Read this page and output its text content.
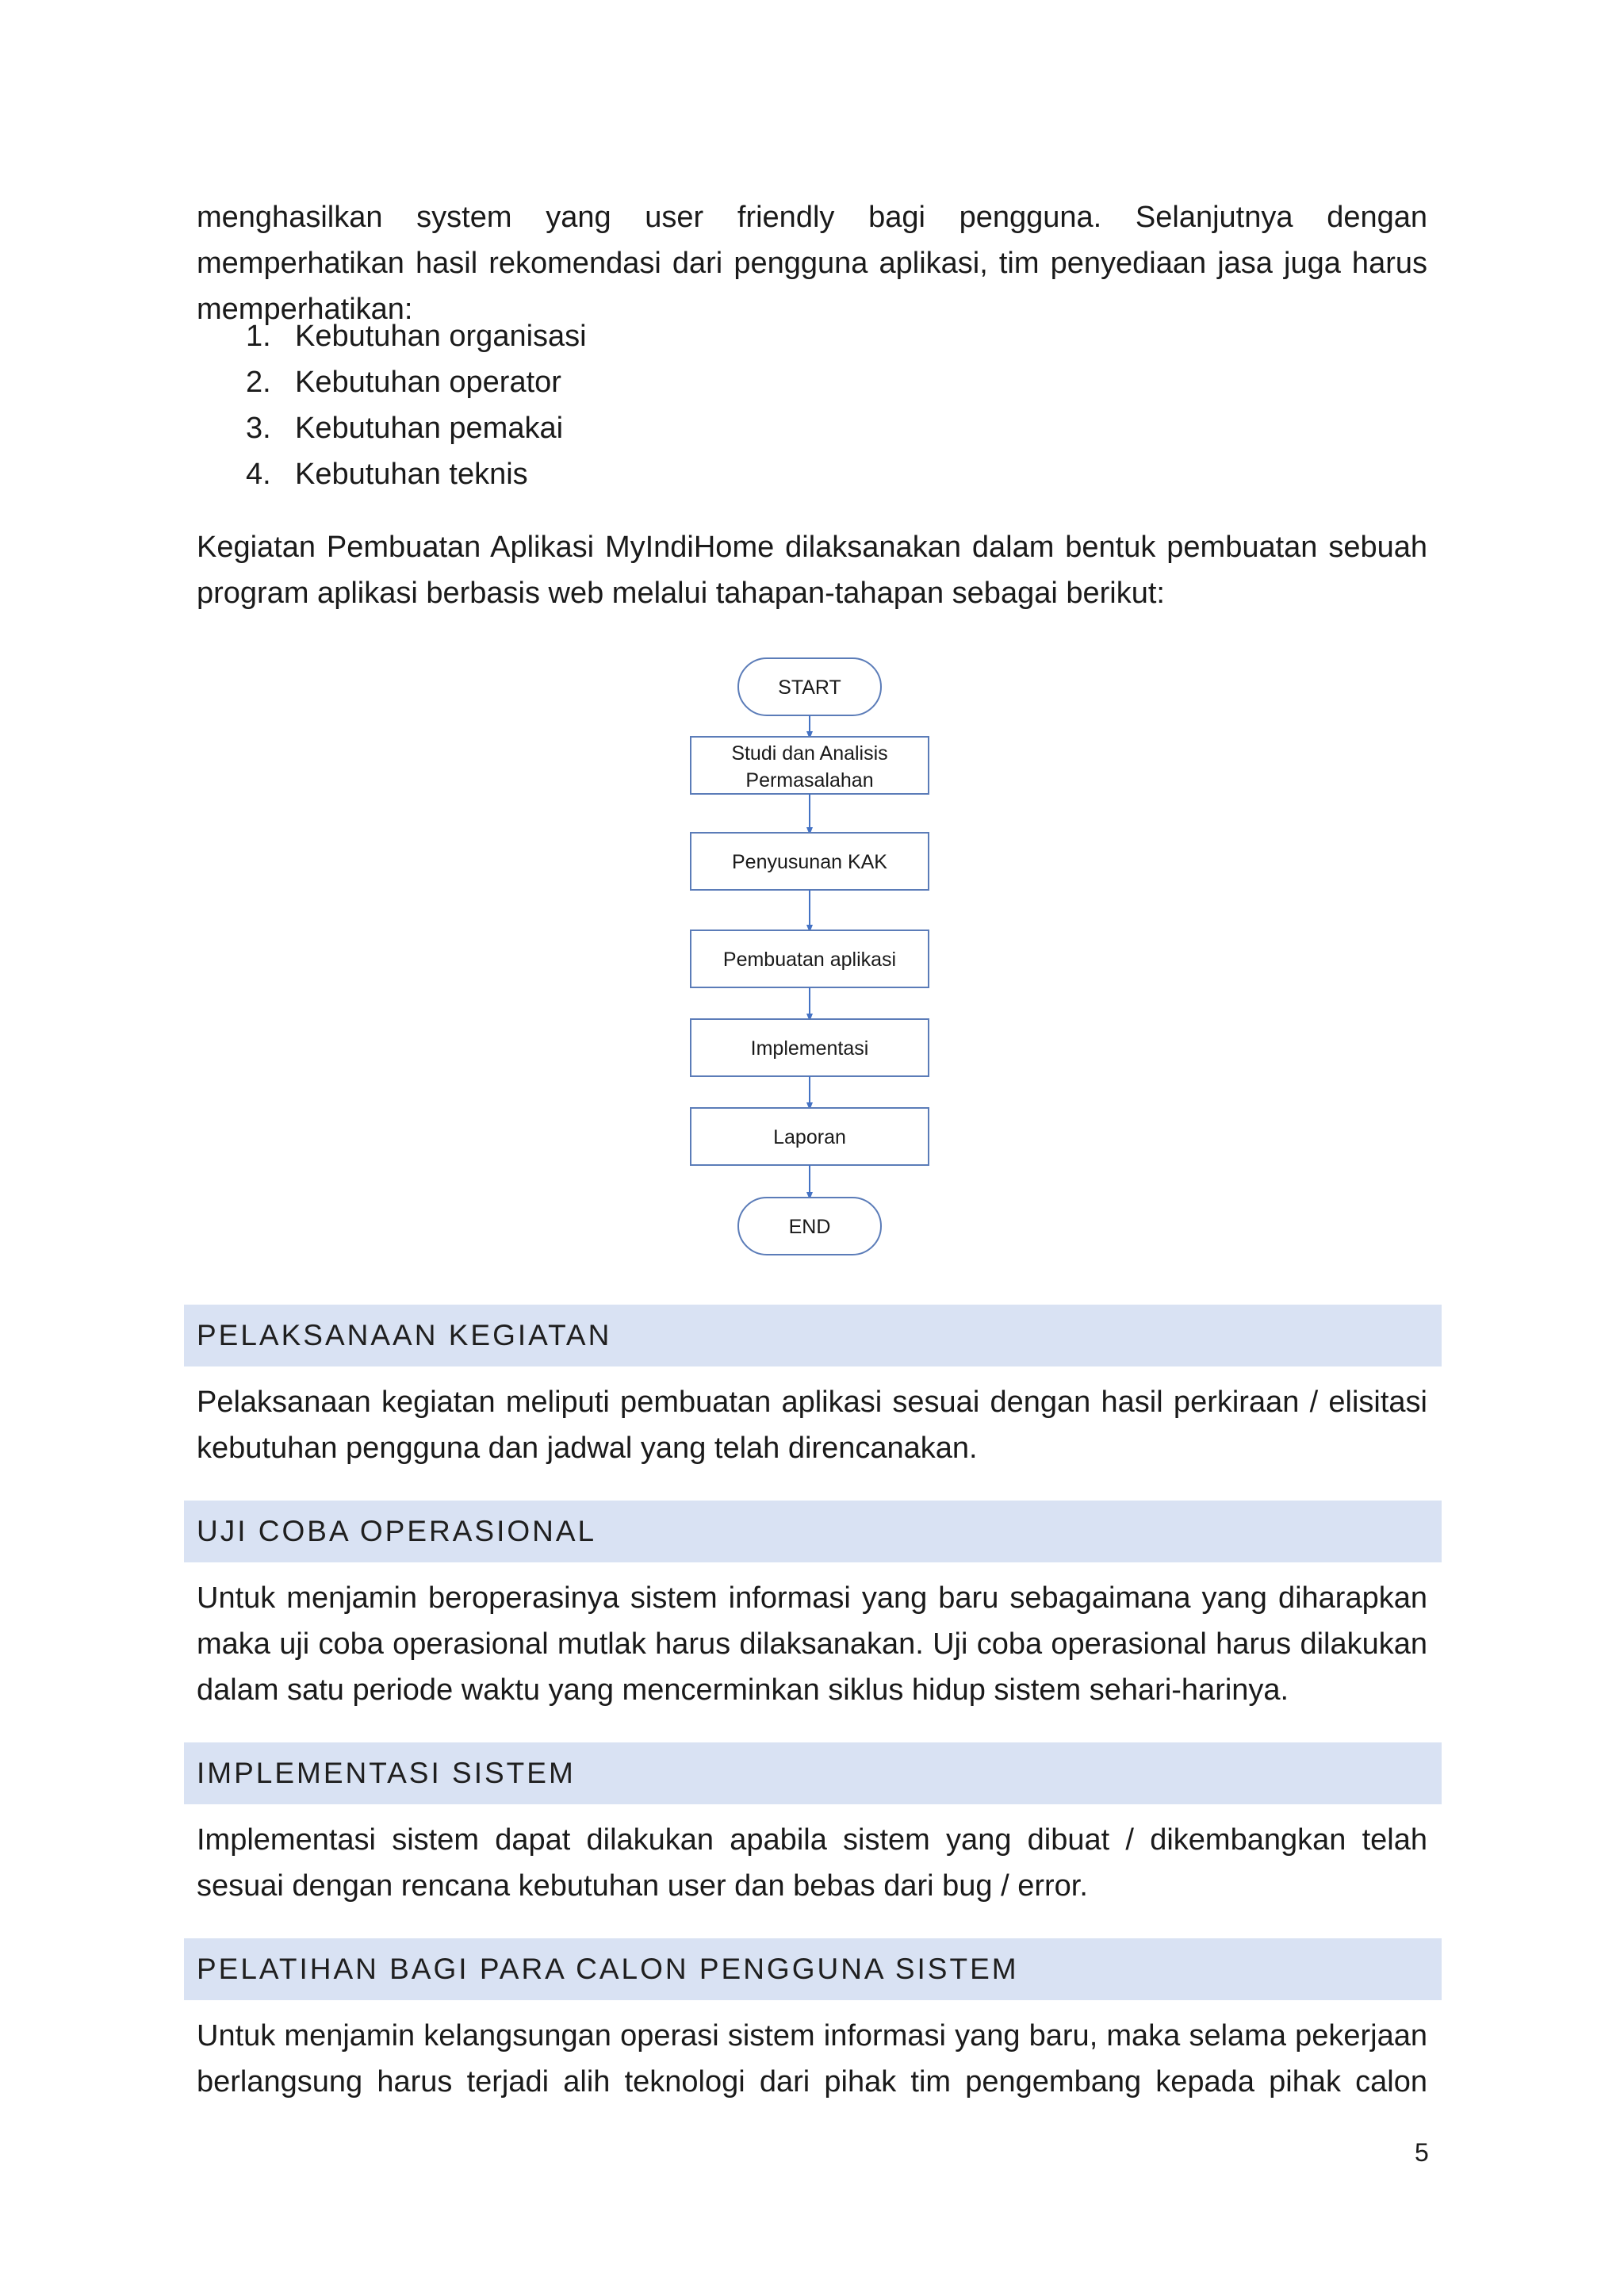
menghasilkan system yang user friendly bagi pengguna. Selanjutnya dengan memperhatikan hasil rekomendasi dari pengguna aplikasi, tim penyediaan jasa juga harus memperhatikan:

1. Kebutuhan organisasi
2. Kebutuhan operator
3. Kebutuhan pemakai
4. Kebutuhan teknis

Kegiatan Pembuatan Aplikasi MyIndiHome dilaksanakan dalam bentuk pembuatan sebuah program aplikasi berbasis web melalui tahapan-tahapan sebagai berikut:

START
Studi dan Analisis
Permasalahan
Penyusunan KAK
Pembuatan aplikasi
Implementasi
Laporan
END
PELAKSANAAN KEGIATAN

Pelaksanaan kegiatan meliputi pembuatan aplikasi sesuai dengan hasil perkiraan / elisitasi kebutuhan pengguna dan jadwal yang telah direncanakan.

UJI COBA OPERASIONAL

Untuk menjamin beroperasinya sistem informasi yang baru sebagaimana yang diharapkan maka uji coba operasional mutlak harus dilaksanakan. Uji coba operasional harus dilakukan dalam satu periode waktu yang mencerminkan siklus hidup sistem sehari-harinya.

IMPLEMENTASI SISTEM

Implementasi sistem dapat dilakukan apabila sistem yang dibuat / dikembangkan telah sesuai dengan rencana kebutuhan user dan bebas dari bug / error.

PELATIHAN BAGI PARA CALON PENGGUNA SISTEM

Untuk menjamin kelangsungan operasi sistem informasi yang baru, maka selama pekerjaan berlangsung harus terjadi alih teknologi dari pihak tim pengembang kepada pihak calon

5
